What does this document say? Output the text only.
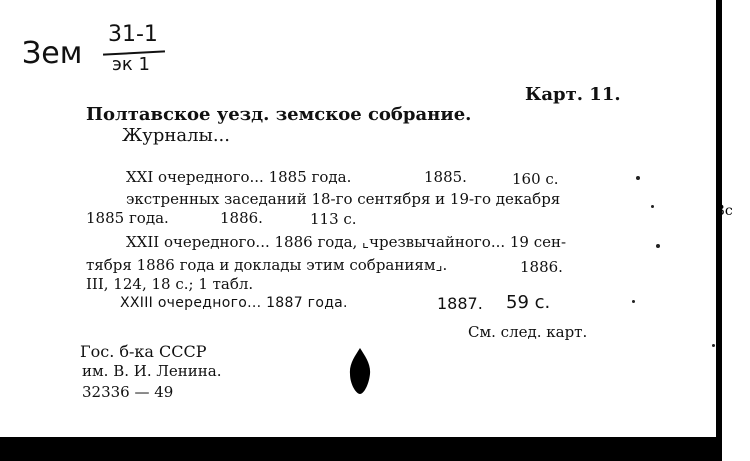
Зем
31-1
эк 1
Карт. 11.
Полтавское уезд. земское собрание.
Журналы...
XXI очередного... 1885 года.	1885.	160 с.
экстренных заседаний 18-го сентября и 19-го декабря
1885 года.	1886.	113 с.
XXII очередного... 1886 года, ⌞чрезвычайного... 19 сен-
тября 1886 года и доклады этим собраниям⌟.	1886.
III, 124, 18 с.; 1 табл.
XXIII очередного... 1887 года.	1887. 59 с.
См. след. карт.
Гос. б-ка СССР
им. В. И. Ленина.
32336 — 49
3с
